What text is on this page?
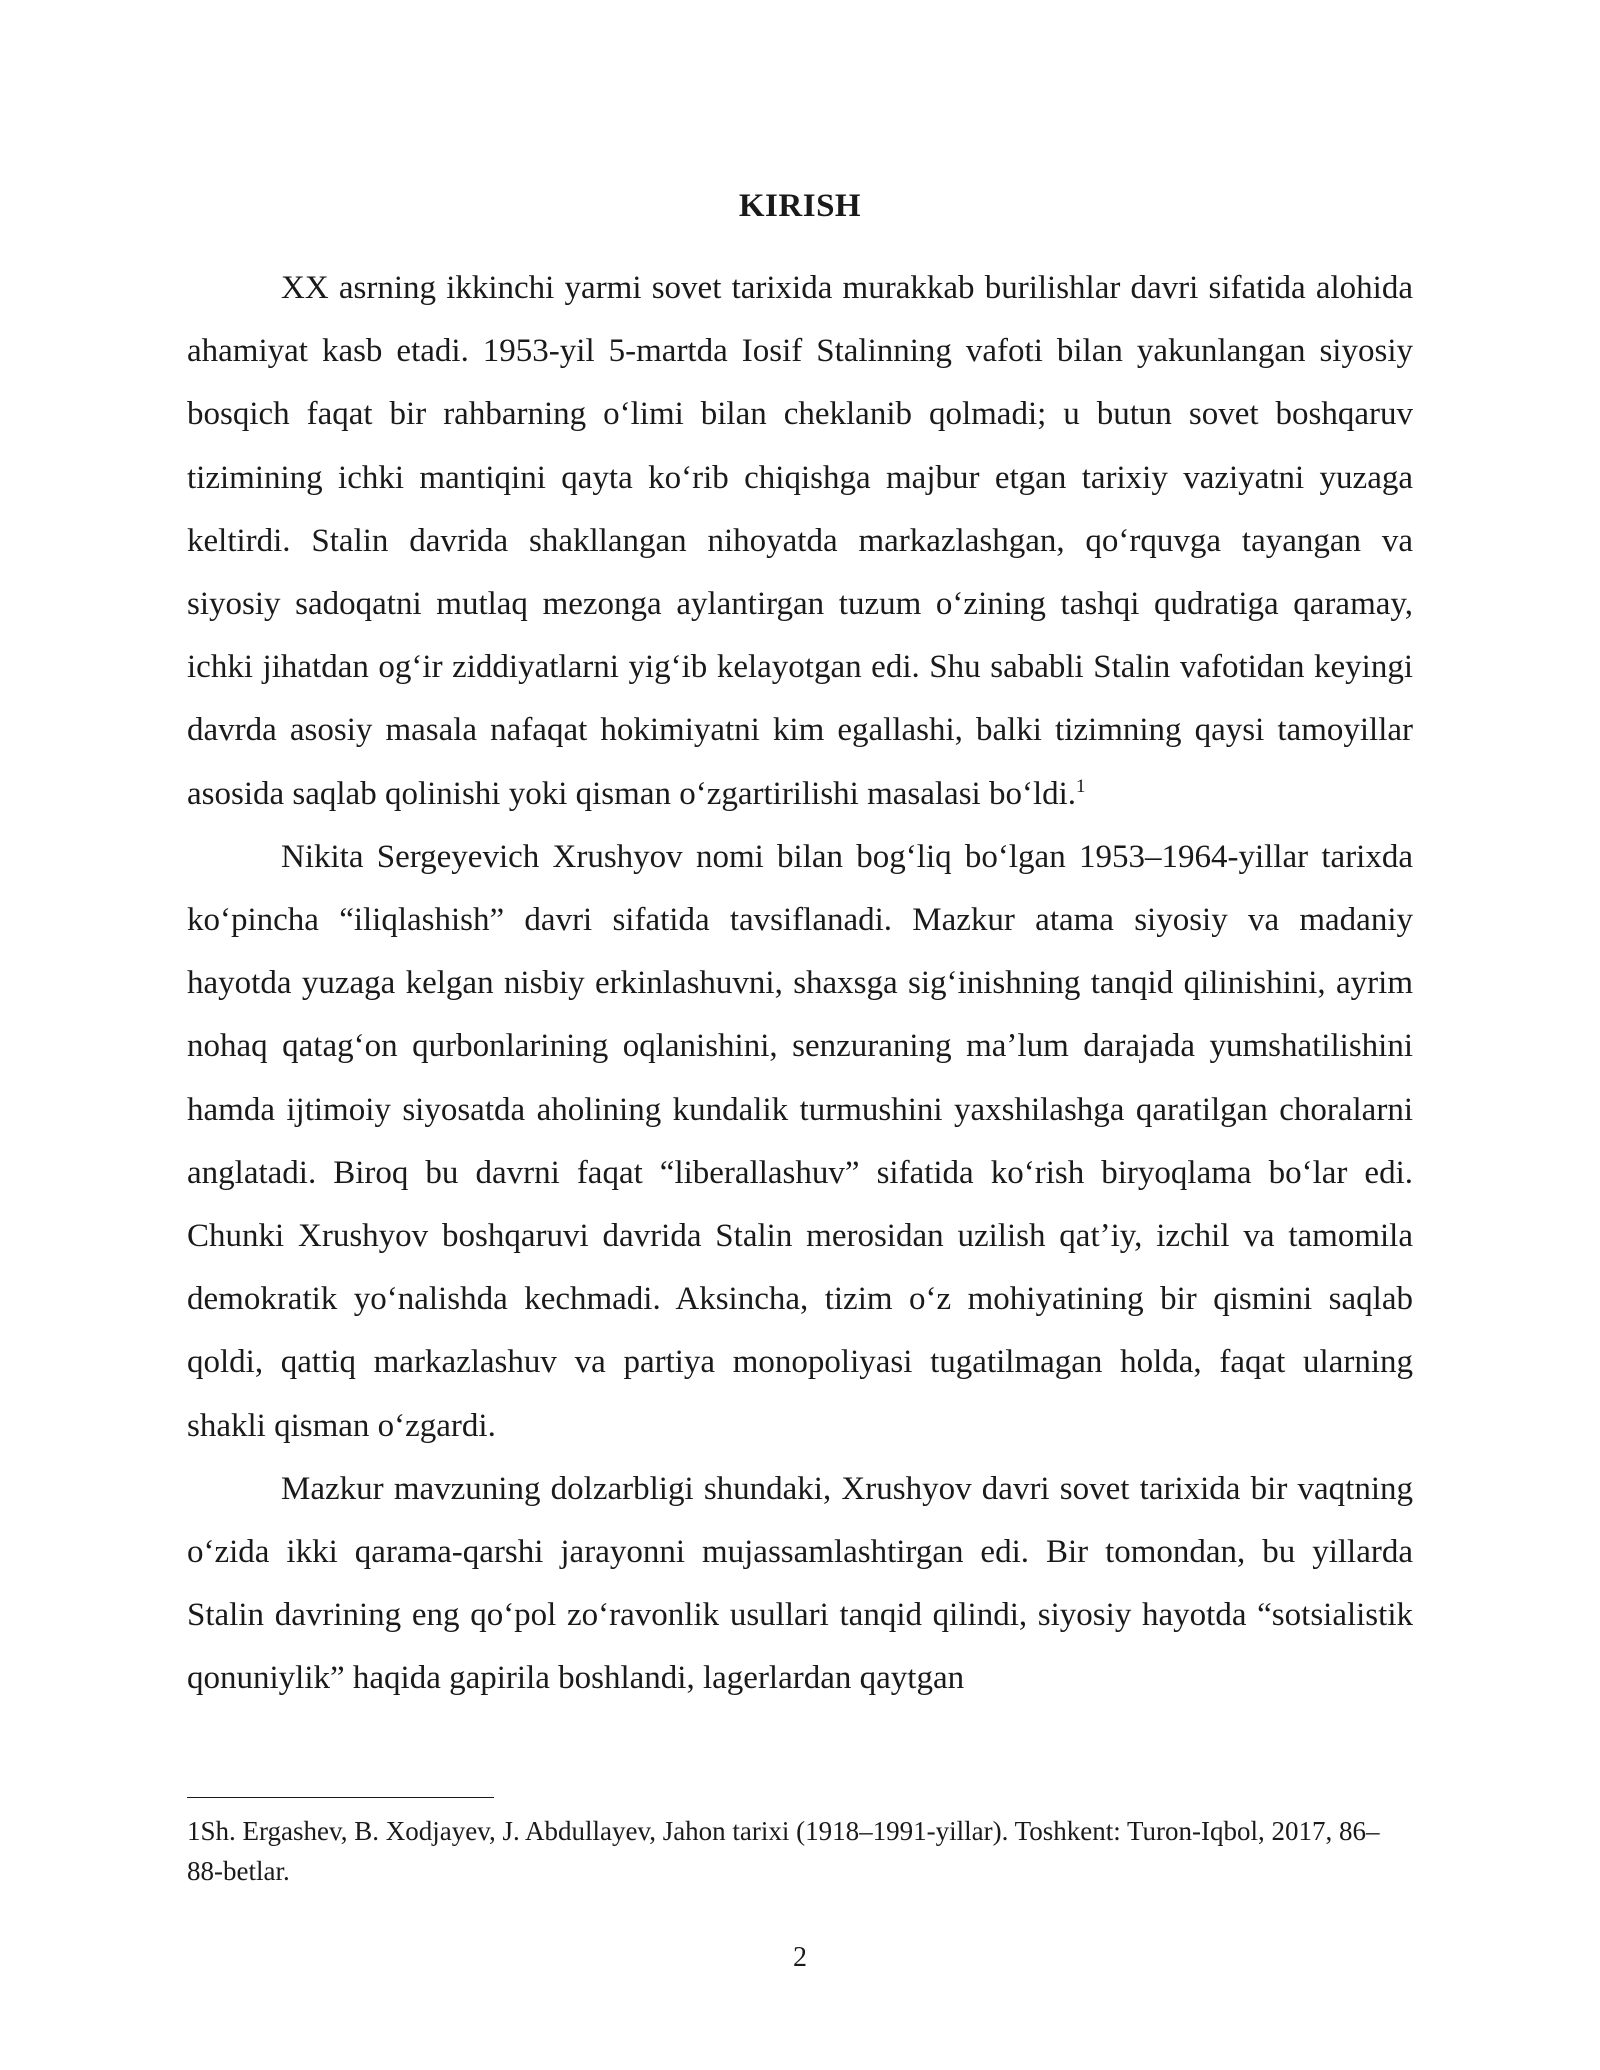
KIRISH

XX asrning ikkinchi yarmi sovet tarixida murakkab burilishlar davri sifatida alohida ahamiyat kasb etadi. 1953-yil 5-martda Iosif Stalinning vafoti bilan yakunlangan siyosiy bosqich faqat bir rahbarning oʻlimi bilan cheklanib qolmadi; u butun sovet boshqaruv tizimining ichki mantiqini qayta koʻrib chiqishga majbur etgan tarixiy vaziyatni yuzaga keltirdi. Stalin davrida shakllangan nihoyatda markazlashgan, qoʻrquvga tayangan va siyosiy sadoqatni mutlaq mezonga aylantirgan tuzum oʻzining tashqi qudratiga qaramay, ichki jihatdan ogʻir ziddiyatlarni yigʻib kelayotgan edi. Shu sababli Stalin vafotidan keyingi davrda asosiy masala nafaqat hokimiyatni kim egallashi, balki tizimning qaysi tamoyillar asosida saqlab qolinishi yoki qisman oʻzgartirilishi masalasi boʻldi.$^1$

Nikita Sergeyevich Xrushyov nomi bilan bogʻliq boʻlgan 1953–1964-yillar tarixda koʻpincha “iliqlashish” davri sifatida tavsiflanadi. Mazkur atama siyosiy va madaniy hayotda yuzaga kelgan nisbiy erkinlashuvni, shaxsga sigʻinishning tanqid qilinishini, ayrim nohaq qatagʻon qurbonlarining oqlanishini, senzuraning maʼlum darajada yumshatilishini hamda ijtimoiy siyosatda aholining kundalik turmushini yaxshilashga qaratilgan choralarni anglatadi. Biroq bu davrni faqat “liberallashuv” sifatida koʻrish biryoqlama boʻlar edi. Chunki Xrushyov boshqaruvi davrida Stalin merosidan uzilish qatʼiy, izchil va tamomila demokratik yoʻnalishda kechmadi. Aksincha, tizim oʻz mohiyatining bir qismini saqlab qoldi, qattiq markazlashuv va partiya monopoliyasi tugatilmagan holda, faqat ularning shakli qisman oʻzgardi.

Mazkur mavzuning dolzarbligi shundaki, Xrushyov davri sovet tarixida bir vaqtning oʻzida ikki qarama-qarshi jarayonni mujassamlashtirgan edi. Bir tomondan, bu yillarda Stalin davrining eng qoʻpol zoʻravonlik usullari tanqid qilindi, siyosiy hayotda “sotsialistik qonuniylik” haqida gapirila boshlandi, lagerlardan qaytgan

1Sh. Ergashev, B. Xodjayev, J. Abdullayev, Jahon tarixi (1918–1991-yillar). Toshkent: Turon-Iqbol, 2017, 86–88-betlar.
2
